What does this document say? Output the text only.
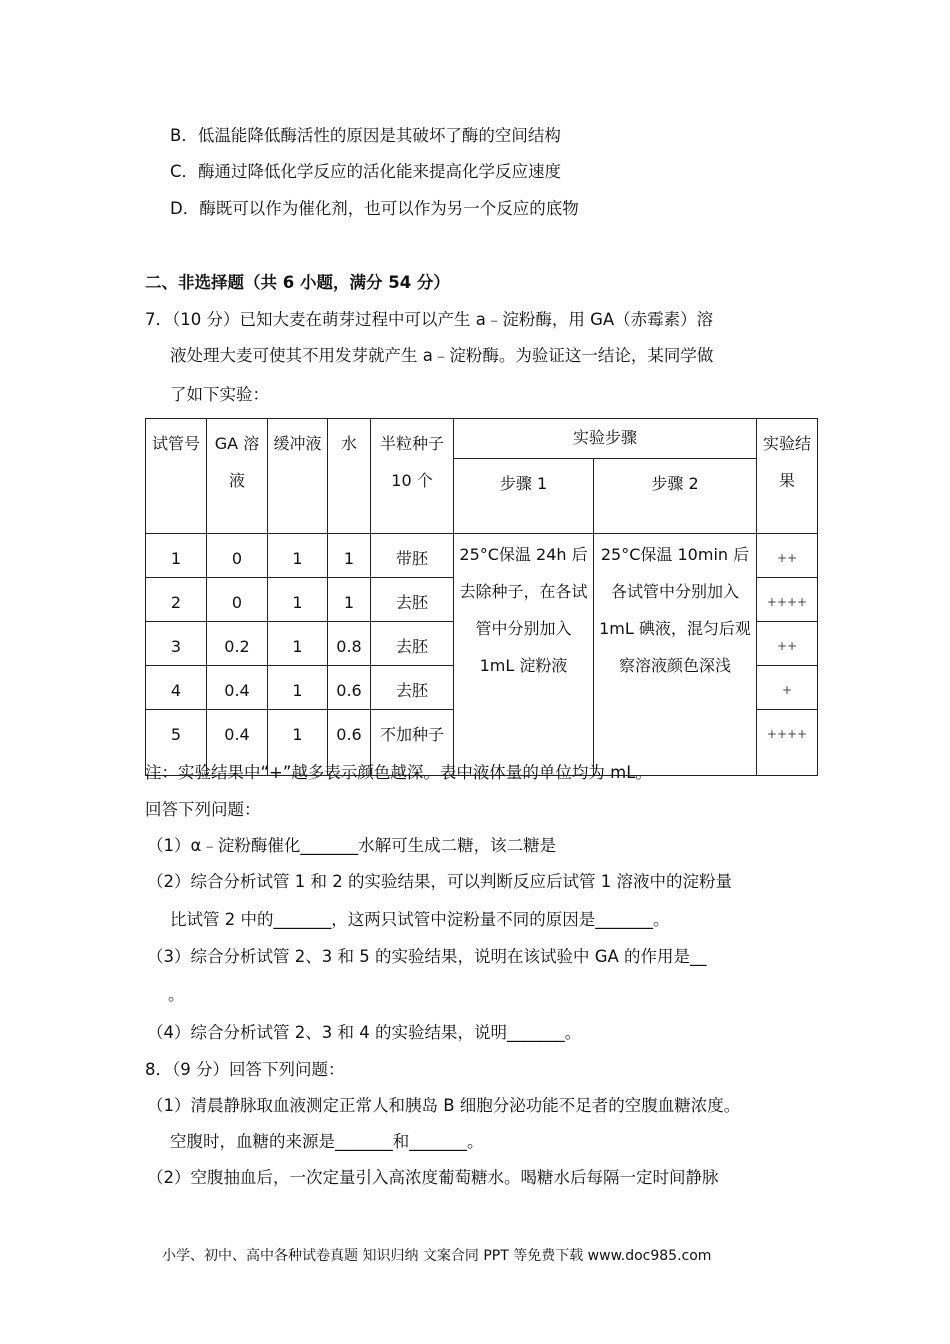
B．低温能降低酶活性的原因是其破坏了酶的空间结构
C．酶通过降低化学反应的活化能来提高化学反应速度
D．酶既可以作为催化剂，也可以作为另一个反应的底物
二、非选择题（共 6 小题，满分 54 分）
7．（10 分）已知大麦在萌芽过程中可以产生 a﹣淀粉酶，用 GA（赤霉素）溶
液处理大麦可使其不用发芽就产生 a﹣淀粉酶。为验证这一结论，某同学做
了如下实验：
试管号	GA 溶液	缓冲液	水	半粒种子10 个	实验步骤		实验结果
					步骤 1	步骤 2	
1	0	1	1	带胚	25°C保温 24h 后去除种子，在各试管中分别加入 1mL 淀粉液	25°C保温 10min 后各试管中分别加入 1mL 碘液，混匀后观察溶液颜色深浅	++
2	0	1	1	去胚			++++
3	0.2	1	0.8	去胚			++
4	0.4	1	0.6	去胚			+
5	0.4	1	0.6	不加种子			++++
注：实验结果中“+”越多表示颜色越深。表中液体量的单位均为 mL。
回答下列问题：
（1）α﹣淀粉酶催化_______水解可生成二糖，该二糖是
（2）综合分析试管 1 和 2 的实验结果，可以判断反应后试管 1 溶液中的淀粉量
比试管 2 中的_______，这两只试管中淀粉量不同的原因是_______。
（3）综合分析试管 2、3 和 5 的实验结果，说明在该试验中 GA 的作用是__
。
（4）综合分析试管 2、3 和 4 的实验结果，说明_______。
8．（9 分）回答下列问题：
（1）清晨静脉取血液测定正常人和胰岛 B 细胞分泌功能不足者的空腹血糖浓度。
空腹时，血糖的来源是_______和_______。
（2）空腹抽血后，一次定量引入高浓度葡萄糖水。喝糖水后每隔一定时间静脉
小学、初中、高中各种试卷真题 知识归纳 文案合同 PPT 等免费下载 www.doc985.com
